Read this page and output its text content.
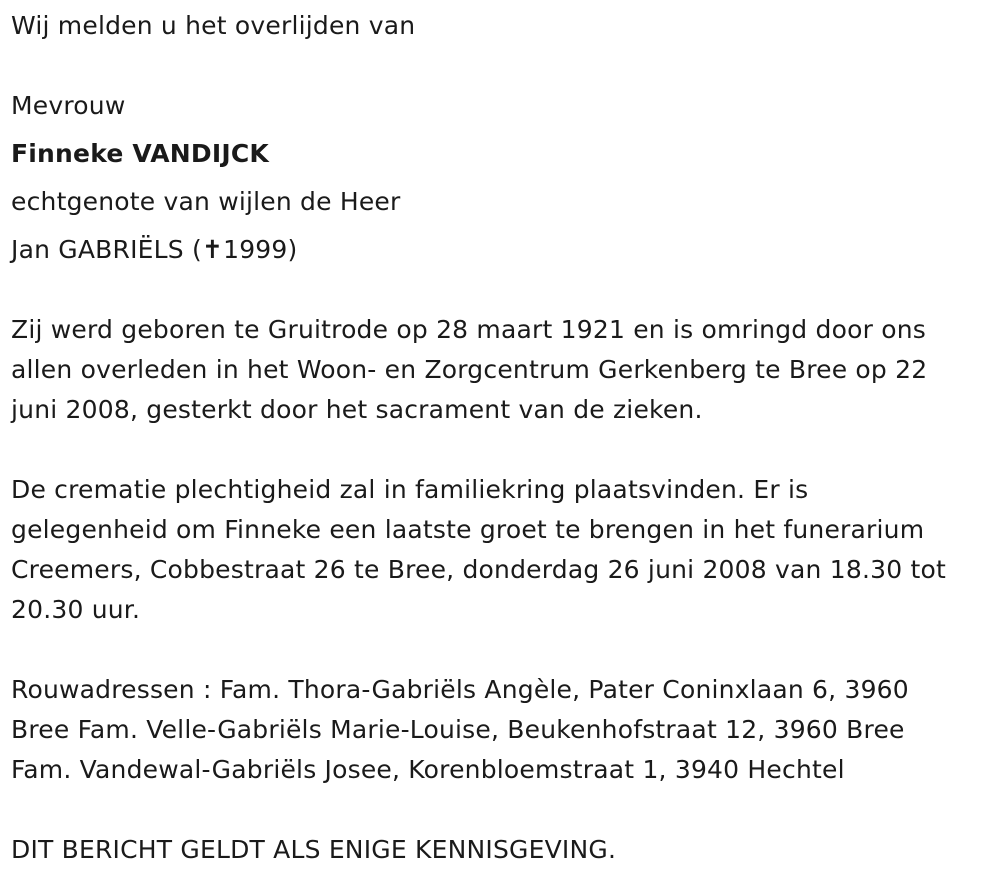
Wij melden u het overlijden van
Mevrouw
Finneke VANDIJCK
echtgenote van wijlen de Heer
Jan GABRIËLS (✝1999)
Zij werd geboren te Gruitrode op 28 maart 1921 en is omringd door ons
allen overleden in het Woon- en Zorgcentrum Gerkenberg te Bree op 22
juni 2008, gesterkt door het sacrament van de zieken.
De crematie plechtigheid zal in familiekring plaatsvinden. Er is
gelegenheid om Finneke een laatste groet te brengen in het funerarium
Creemers, Cobbestraat 26 te Bree, donderdag 26 juni 2008 van 18.30 tot
20.30 uur.
Rouwadressen : Fam. Thora-Gabriëls Angèle, Pater Coninxlaan 6, 3960
Bree Fam. Velle-Gabriëls Marie-Louise, Beukenhofstraat 12, 3960 Bree
Fam. Vandewal-Gabriëls Josee, Korenbloemstraat 1, 3940 Hechtel
DIT BERICHT GELDT ALS ENIGE KENNISGEVING.
